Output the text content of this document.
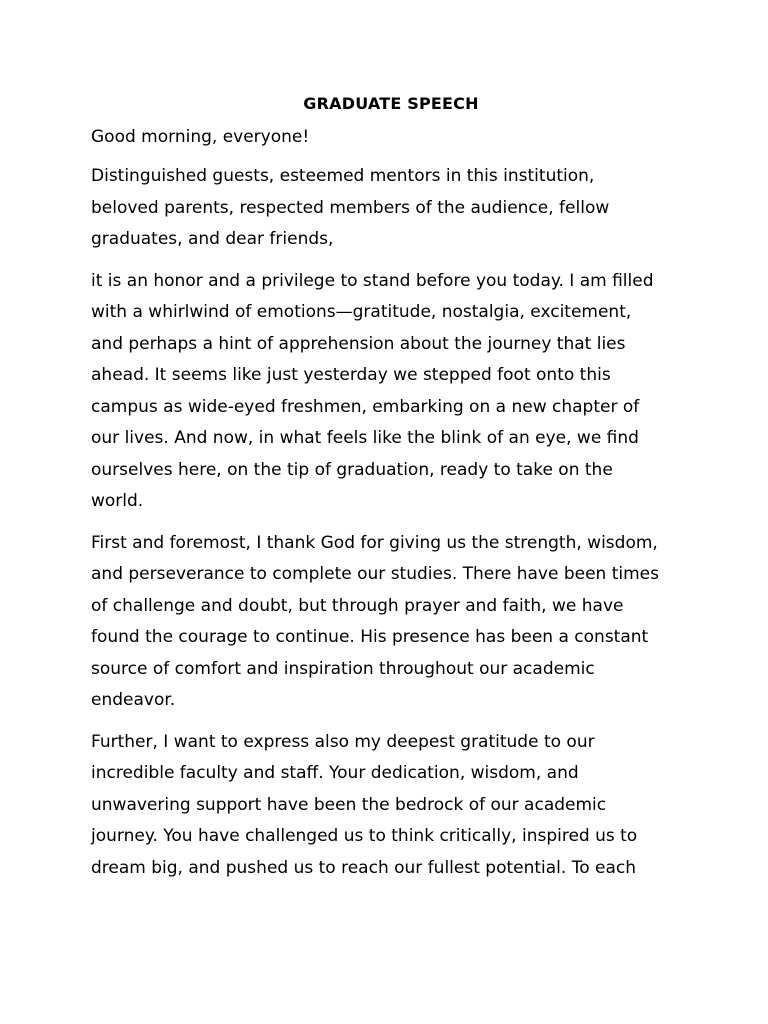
GRADUATE SPEECH

Good morning, everyone!

Distinguished guests, esteemed mentors in this institution,
beloved parents, respected members of the audience, fellow
graduates, and dear friends,

it is an honor and a privilege to stand before you today. I am filled
with a whirlwind of emotions—gratitude, nostalgia, excitement,
and perhaps a hint of apprehension about the journey that lies
ahead. It seems like just yesterday we stepped foot onto this
campus as wide-eyed freshmen, embarking on a new chapter of
our lives. And now, in what feels like the blink of an eye, we find
ourselves here, on the tip of graduation, ready to take on the
world.

First and foremost, I thank God for giving us the strength, wisdom,
and perseverance to complete our studies. There have been times
of challenge and doubt, but through prayer and faith, we have
found the courage to continue. His presence has been a constant
source of comfort and inspiration throughout our academic
endeavor.

Further, I want to express also my deepest gratitude to our
incredible faculty and staff. Your dedication, wisdom, and
unwavering support have been the bedrock of our academic
journey. You have challenged us to think critically, inspired us to
dream big, and pushed us to reach our fullest potential. To each
